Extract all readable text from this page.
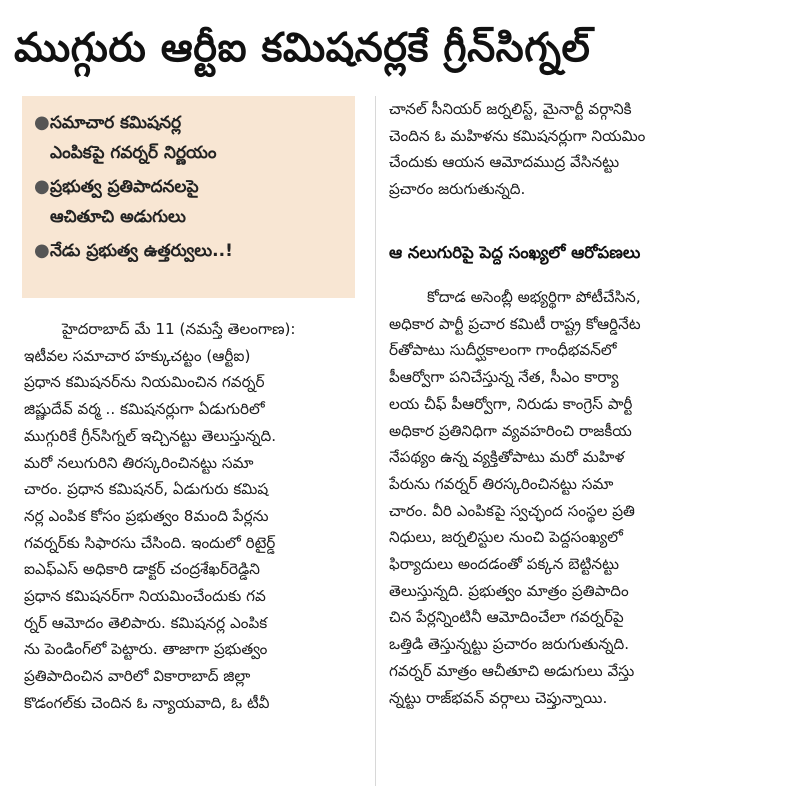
ముగ్గురు ఆర్టీఐ కమిషనర్లకే గ్రీన్‌సిగ్నల్
● సమాచార కమిషనర్ల
ఎంపికపై గవర్నర్ నిర్ణయం
● ప్రభుత్వ ప్రతిపాదనలపై
ఆచితూచి అడుగులు
● నేడు ప్రభుత్వ ఉత్తర్వులు..!
హైదరాబాద్ మే 11 (నమస్తే తెలంగాణ):
ఇటీవల సమాచార హక్కుచట్టం (ఆర్టీఐ)
ప్రధాన కమిషనర్‌ను నియమించిన గవర్నర్
జిష్ణుదేవ్ వర్మ .. కమిషనర్లుగా ఏడుగురిలో
ముగ్గురికే గ్రీన్‌సిగ్నల్ ఇచ్చినట్టు తెలుస్తున్నది.
మరో నలుగురిని తిరస్కరించినట్టు సమా
చారం. ప్రధాన కమిషనర్, ఏడుగురు కమిష
నర్ల ఎంపిక కోసం ప్రభుత్వం 8మంది పేర్లను
గవర్నర్‌కు సిఫారసు చేసింది. ఇందులో రిటైర్డ్
ఐఎఫ్‌ఎస్ అధికారి డాక్టర్ చంద్రశేఖర్‌రెడ్డిని
ప్రధాన కమిషనర్‌గా నియమించేందుకు గవ
ర్నర్ ఆమోదం తెలిపారు. కమిషనర్ల ఎంపిక
ను పెండింగ్‌లో పెట్టారు. తాజాగా ప్రభుత్వం
ప్రతిపాదించిన వారిలో వికారాబాద్ జిల్లా
కొడంగల్‌కు చెందిన ఓ న్యాయవాది, ఓ టీవీ
చానల్ సీనియర్ జర్నలిస్ట్, మైనార్టీ వర్గానికి
చెందిన ఓ మహిళను కమిషనర్లుగా నియమిం
చేందుకు ఆయన ఆమోదముద్ర వేసినట్టు
ప్రచారం జరుగుతున్నది.
ఆ నలుగురిపై పెద్ద సంఖ్యలో ఆరోపణలు
కోదాడ అసెంబ్లీ అభ్యర్థిగా పోటీచేసిన,
అధికార పార్టీ ప్రచార కమిటీ రాష్ట్ర కోఆర్డినేట
ర్‌తోపాటు సుదీర్ఘకాలంగా గాంధీభవన్‌లో
పీఆర్వోగా పనిచేస్తున్న నేత, సీఎం కార్యా
లయ చీఫ్ పీఆర్వోగా, నిరుడు కాంగ్రెస్ పార్టీ
అధికార ప్రతినిధిగా వ్యవహరించి రాజకీయ
నేపథ్యం ఉన్న వ్యక్తితోపాటు మరో మహిళ
పేరును గవర్నర్ తిరస్కరించినట్టు సమా
చారం. వీరి ఎంపికపై స్వచ్ఛంద సంస్థల ప్రతి
నిధులు, జర్నలిస్టుల నుంచి పెద్దసంఖ్యలో
ఫిర్యాదులు అందడంతో పక్కన బెట్టినట్టు
తెలుస్తున్నది. ప్రభుత్వం మాత్రం ప్రతిపాదిం
చిన పేర్లన్నింటినీ ఆమోదించేలా గవర్నర్‌పై
ఒత్తిడి తెస్తున్నట్టు ప్రచారం జరుగుతున్నది.
గవర్నర్ మాత్రం ఆచీతూచి అడుగులు వేస్తు
న్నట్టు రాజ్‌భవన్ వర్గాలు చెప్తున్నాయి.
